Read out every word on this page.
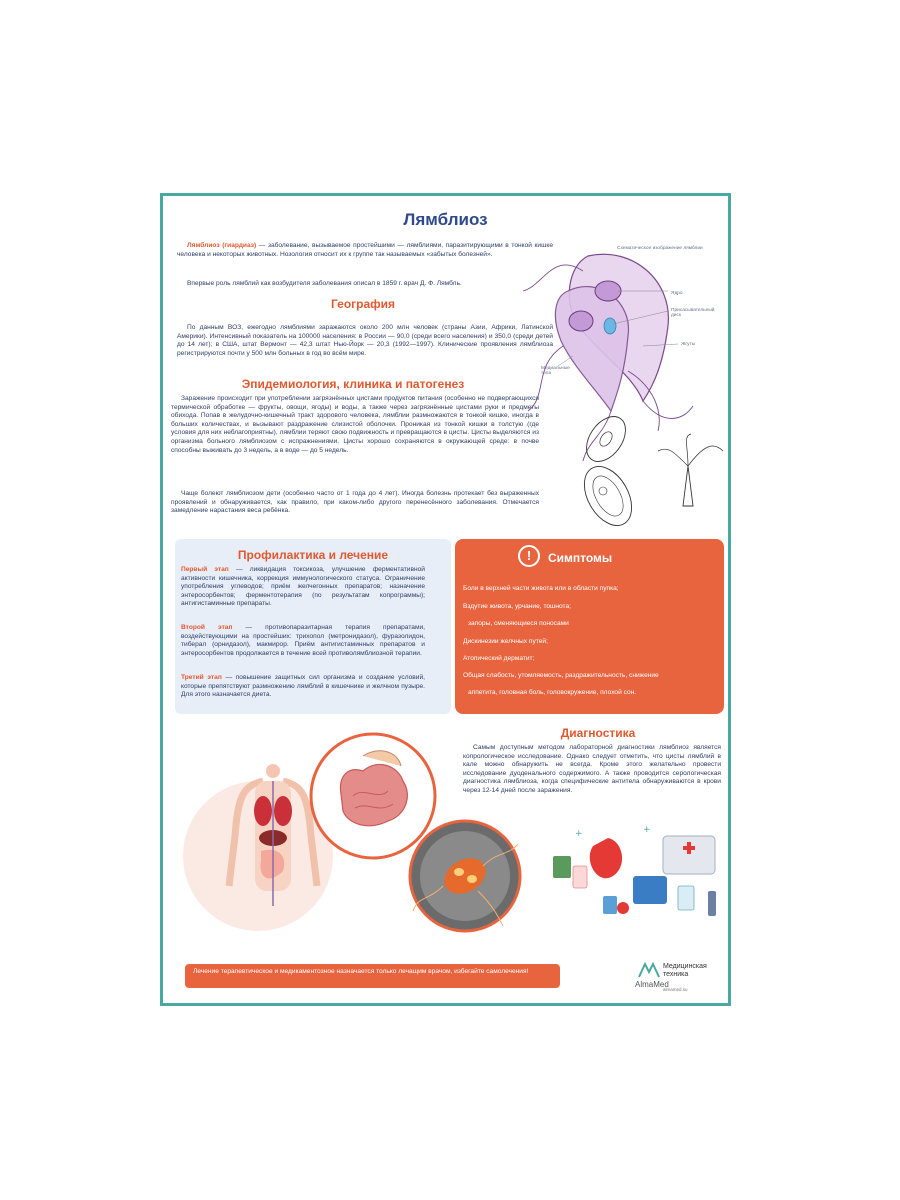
Лямблиоз

Лямблиоз (гиардиаз) — заболевание, вызываемое простейшими — лямблиями, паразитирующими в тонкой кишке человека и некоторых животных. Нозология относит их к группе так называемых «забытых болезней».

Впервые роль лямблий как возбудителя заболевания описал в 1859 г. врач Д. Ф. Лямбль.

География

По данным ВОЗ, ежегодно лямблиями заражаются около 200 млн человек (страны Азии, Африки, Латинской Америки). Интенсивный показатель на 100000 населения: в России — 90,0 (среди всего населения) и 350,0 (среди детей до 14 лет); в США, штат Вермонт — 42,3 штат Нью-Йорк — 20,3 (1992—1997). Клинические проявления лямблиоза регистрируются почти у 500 млн больных в год во всём мире.

Эпидемиология, клиника и патогенез

Заражение происходит при употреблении загрязнённых цистами продуктов питания (особенно не подвергающихся термической обработке — фрукты, овощи, ягоды) и воды, а также через загрязнённые цистами руки и предметы обихода. Попав в желудочно-кишечный тракт здорового человека, лямблии размножаются в тонкой кишке, иногда в больших количествах, и вызывают раздражение слизистой оболочки. Проникая из тонкой кишки в толстую (где условия для них неблагоприятны), лямблии теряют свою подвижность и превращаются в цисты. Цисты выделяются из организма больного лямблиозом с испражнениями. Цисты хорошо сохраняются в окружающей среде: в почве способны выживать до 3 недель, а в воде — до 5 недель.

Чаще болеют лямблиозом дети (особенно часто от 1 года до 4 лет). Иногда болезнь протекает без выраженных проявлений и обнаруживается, как правило, при каком-либо другого перенесённого заболевания. Отмечается замедление нарастания веса ребёнка.

Схематическое изображение лямблии
Ядро
Присасывательный диск
Жгуты
Медиальные тела
Профилактика и лечение

Первый этап — ликвидация токсикоза, улучшение ферментативной активности кишечника, коррекция иммунологического статуса. Ограничение употребления углеводов; приём желчегонных препаратов; назначение энтеросорбентов; ферментотерапия (по результатам копрограммы); антигистаминные препараты.

Второй этап — противопаразитарная терапия препаратами, воздействующими на простейших: трихопол (метронидазол), фуразолидон, тиберал (орнидазол), макмирор. Приём антигистаминных препаратов и энтеросорбентов продолжается в течение всей противолямблиозной терапии.

Третий этап — повышение защитных сил организма и создание условий, которые препятствуют размножению лямблий в кишечнике и желчном пузыре. Для этого назначается диета.

!	Симптомы
Боли в верхней части живота или в области пупка;
Вздутие живота, урчание, тошнота;
запоры, сменяющиеся поносами
Дискинезии желчных путей;
Атопический дерматит;
Общая слабость, утомляемость, раздражительность, снижение
аппетита, головная боль, головокружение, плохой сон.
Диагностика

Самым доступным методом лабораторной диагностики лямблиоз является копрологическое исследование. Однако следует отметить, что цисты лямблий в кале можно обнаружить не всегда. Кроме этого желательно провести исследование дуоденального содержимого. А также проводится серологическая диагностика лямблиоза, когда специфические антитела обнаруживаются в крови через 12-14 дней после заражения.

+	+
Лечение терапевтическое и медикаментозное назначается только лечащим врачом, избегайте самолечения!
AlmaMed
Медицинская
техника
almamed.su
